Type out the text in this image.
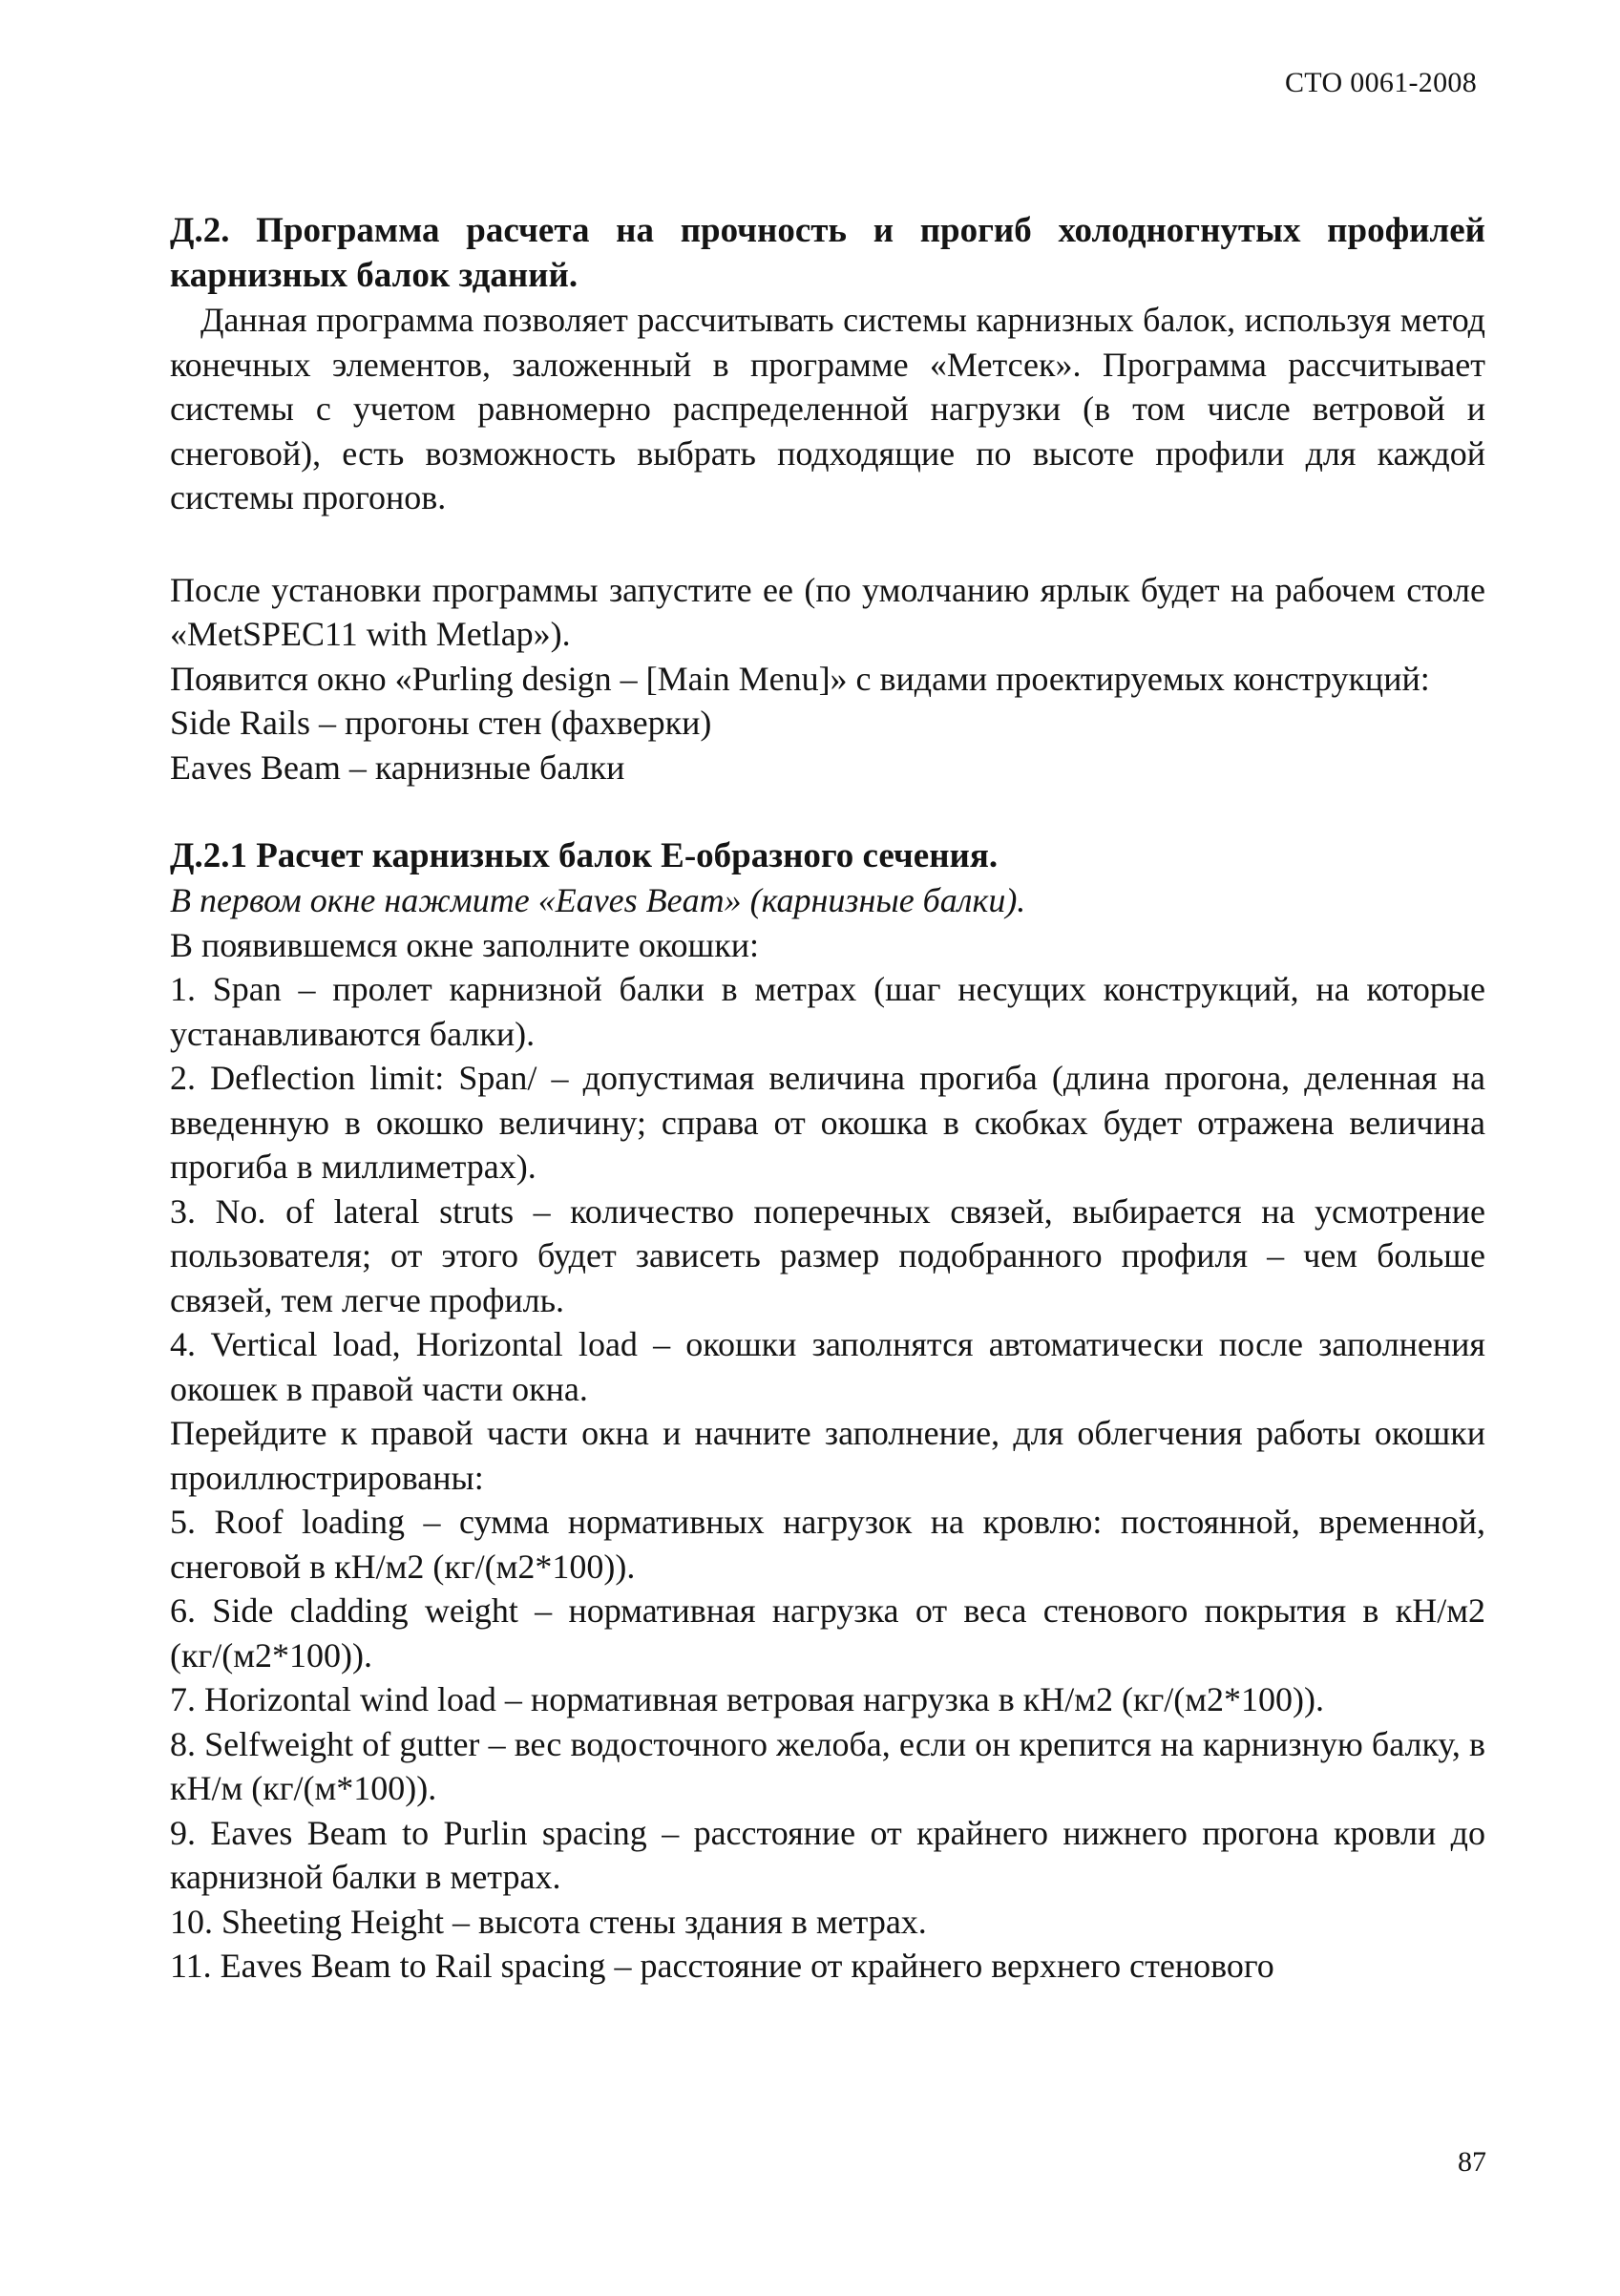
СТО 0061-2008

Д.2. Программа расчета на прочность и прогиб холодногнутых профилей карнизных балок зданий.

Данная программа позволяет рассчитывать системы карнизных балок, используя метод конечных элементов, заложенный в программе «Метсек». Программа рассчитывает системы с учетом равномерно распределенной нагрузки (в том числе ветровой и снеговой), есть возможность выбрать подходящие по высоте профили для каждой системы прогонов.

После установки программы запустите ее (по умолчанию ярлык будет на рабочем столе «MetSPEC11 with Metlap»).

Появится окно «Purling design – [Main Menu]» с видами проектируемых конструкций:

Side Rails – прогоны стен (фахверки)

Eaves Beam – карнизные балки

Д.2.1 Расчет карнизных балок Е-образного сечения.

В первом окне нажмите «Eaves Beam» (карнизные балки).

В появившемся окне заполните окошки:

1. Span – пролет карнизной балки в метрах (шаг несущих конструкций, на которые устанавливаются балки).

2. Deflection limit: Span/ – допустимая величина прогиба (длина прогона, деленная на введенную в окошко величину; справа от окошка в скобках будет отражена величина прогиба в миллиметрах).

3. No. of lateral struts – количество поперечных связей, выбирается на усмотрение пользователя; от этого будет зависеть размер подобранного профиля – чем больше связей, тем легче профиль.

4. Vertical load, Horizontal load – окошки заполнятся автоматически после заполнения окошек в правой части окна.

Перейдите к правой части окна и начните заполнение, для облегчения работы окошки проиллюстрированы:

5. Roof loading – сумма нормативных нагрузок на кровлю: постоянной, временной, снеговой в кН/м2 (кг/(м2*100)).

6. Side cladding weight – нормативная нагрузка от веса стенового покрытия в кН/м2 (кг/(м2*100)).

7. Horizontal wind load – нормативная ветровая нагрузка в кН/м2 (кг/(м2*100)).

8. Selfweight of gutter – вес водосточного желоба, если он крепится на карнизную балку, в кН/м (кг/(м*100)).

9. Eaves Beam to Purlin spacing – расстояние от крайнего нижнего прогона кровли до карнизной балки в метрах.

10. Sheeting Height – высота стены здания в метрах.

11. Eaves Beam to Rail spacing – расстояние от крайнего верхнего стенового

87
